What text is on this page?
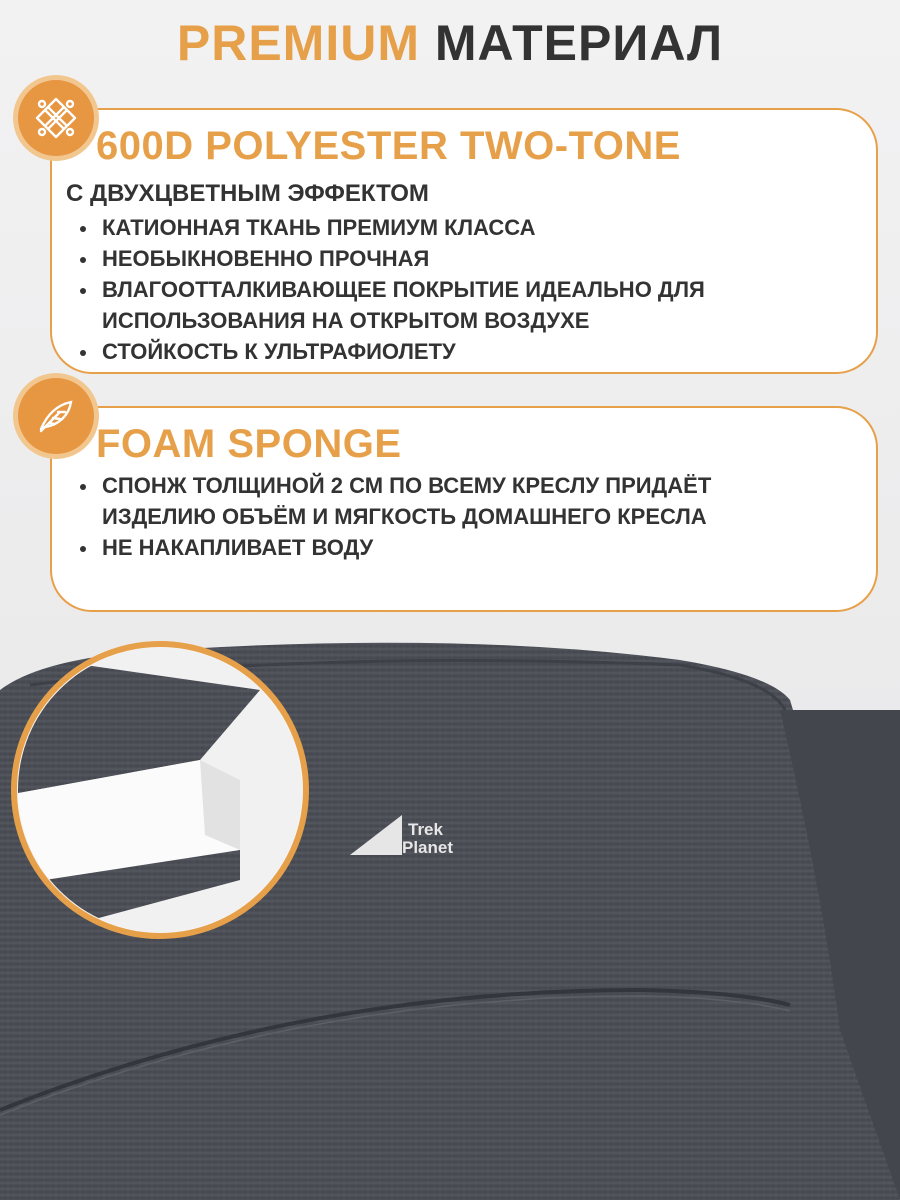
PREMIUM МАТЕРИАЛ
600D POLYESTER TWO-TONE
С ДВУХЦВЕТНЫМ ЭФФЕКТОМ
КАТИОННАЯ ТКАНЬ ПРЕМИУМ КЛАССА
НЕОБЫКНОВЕННО ПРОЧНАЯ
ВЛАГООТТАЛКИВАЮЩЕЕ ПОКРЫТИЕ ИДЕАЛЬНО ДЛЯ
ИСПОЛЬЗОВАНИЯ НА ОТКРЫТОМ ВОЗДУХЕ
СТОЙКОСТЬ К УЛЬТРАФИОЛЕТУ
FOAM SPONGE
СПОНЖ ТОЛЩИНОЙ 2 СМ ПО ВСЕМУ КРЕСЛУ ПРИДАЁТ
ИЗДЕЛИЮ ОБЪЁМ И МЯГКОСТЬ ДОМАШНЕГО КРЕСЛА
НЕ НАКАПЛИВАЕТ ВОДУ
Trek
Planet
